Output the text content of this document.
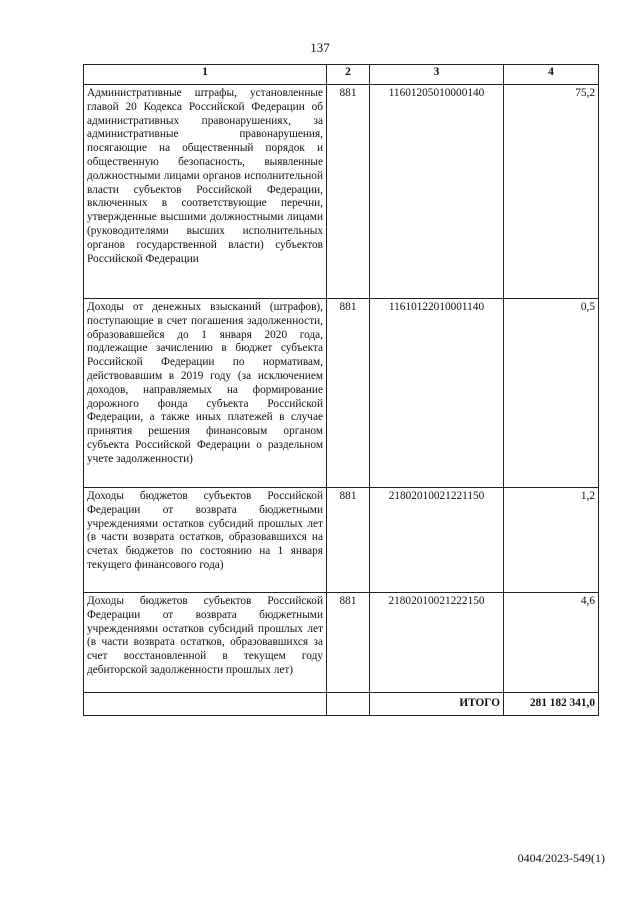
137
1	2	3	4
Административные штрафы, установленные главой 20 Кодекса Российской Федерации об административных правонарушениях, за административные правонарушения, посягающие на общественный порядок и общественную безопасность, выявленные должностными лицами органов исполнительной власти субъектов Российской Федерации, включенных в соответствующие перечни, утвержденные высшими должностными лицами (руководителями высших исполнительных органов государственной власти) субъектов Российской Федерации	881	11601205010000140	75,2
Доходы от денежных взысканий (штрафов), поступающие в счет погашения задолженности, образовавшейся до 1 января 2020 года, подлежащие зачислению в бюджет субъекта Российской Федерации по нормативам, действовавшим в 2019 году (за исключением доходов, направляемых на формирование дорожного фонда субъекта Российской Федерации, а также иных платежей в случае принятия решения финансовым органом субъекта Российской Федерации о раздельном учете задолженности)	881	11610122010001140	0,5
Доходы бюджетов субъектов Российской Федерации от возврата бюджетными учреждениями остатков субсидий прошлых лет (в части возврата остатков, образовавшихся на счетах бюджетов по состоянию на 1 января текущего финансового года)	881	21802010021221150	1,2
Доходы бюджетов субъектов Российской Федерации от возврата бюджетными учреждениями остатков субсидий прошлых лет (в части возврата остатков, образовавшихся за счет восстановленной в текущем году дебиторской задолженности прошлых лет)	881	21802010021222150	4,6
		ИТОГО	281 182 341,0
0404/2023-549(1)
